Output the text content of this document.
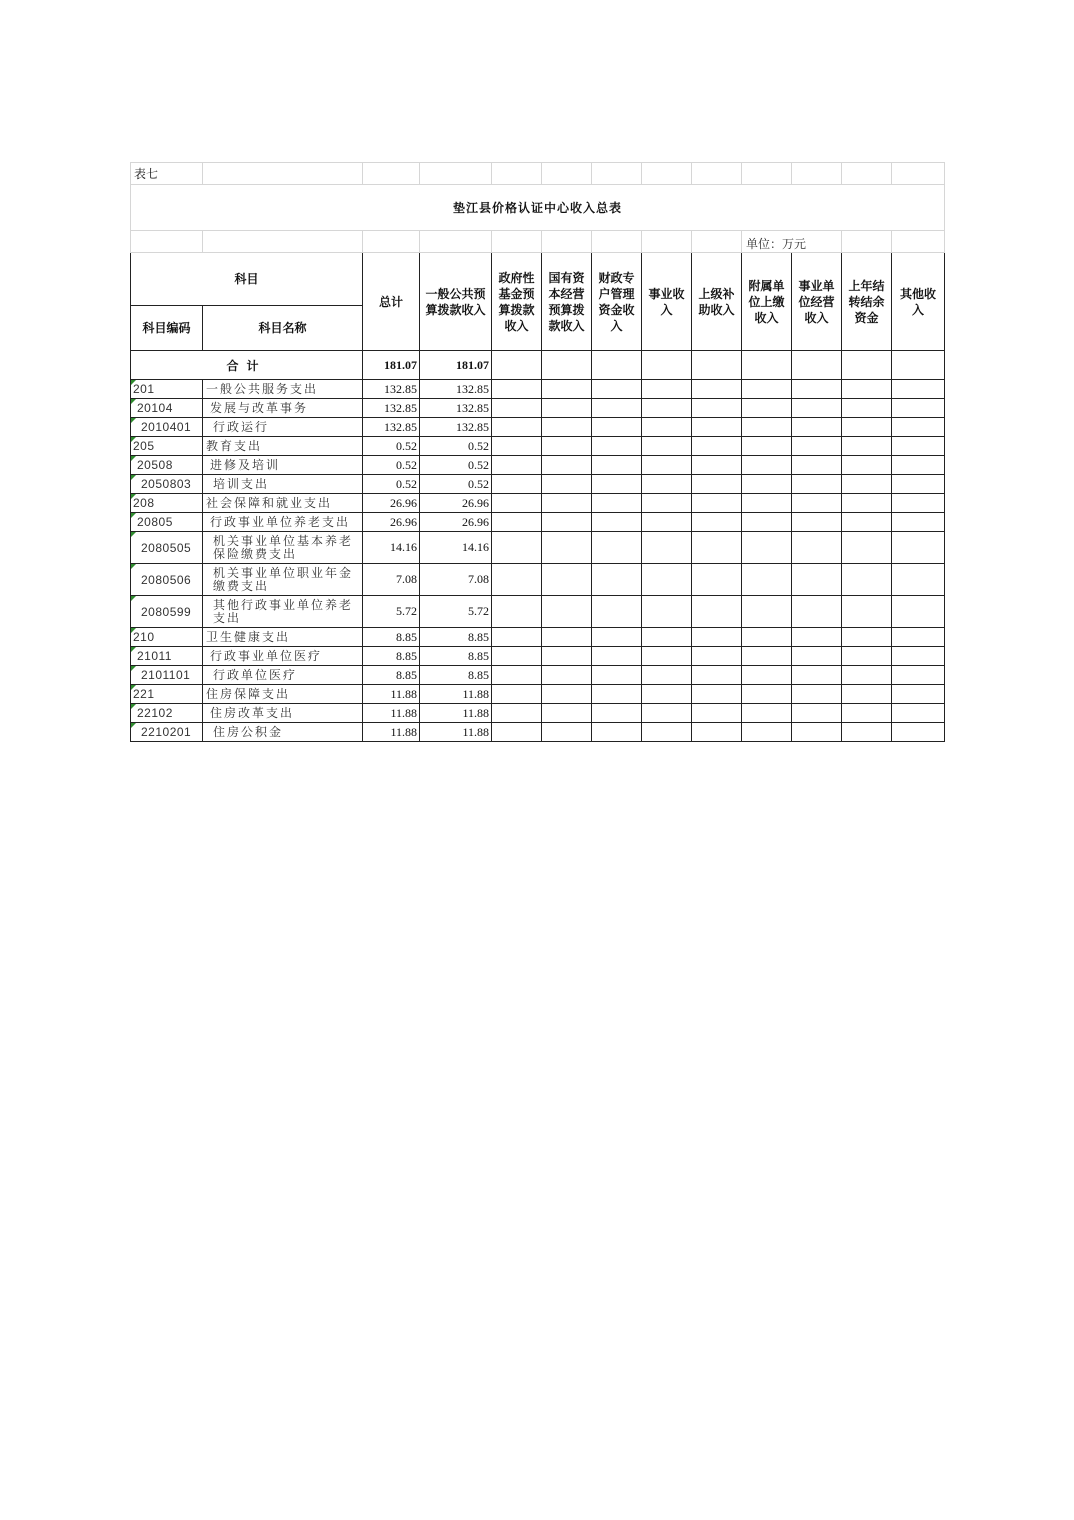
表七												
垫江县价格认证中心收入总表												
									单位：万元			
科目		总计	一般公共预算拨款收入	政府性基金预算拨款收入	国有资本经营预算拨款收入	财政专户管理资金收入	事业收入	上级补助收入	附属单位上缴收入	事业单位经营收入	上年结转结余资金	其他收入
科目编码	科目名称											
合计		181.07	181.07									
201	一般公共服务支出	132.85	132.85									
20104	发展与改革事务	132.85	132.85									
2010401	行政运行	132.85	132.85									
205	教育支出	0.52	0.52									
20508	进修及培训	0.52	0.52									
2050803	培训支出	0.52	0.52									
208	社会保障和就业支出	26.96	26.96									
20805	行政事业单位养老支出	26.96	26.96									
2080505	机关事业单位基本养老保险缴费支出	14.16	14.16									
2080506	机关事业单位职业年金缴费支出	7.08	7.08									
2080599	其他行政事业单位养老支出	5.72	5.72									
210	卫生健康支出	8.85	8.85									
21011	行政事业单位医疗	8.85	8.85									
2101101	行政单位医疗	8.85	8.85									
221	住房保障支出	11.88	11.88									
22102	住房改革支出	11.88	11.88									
2210201	住房公积金	11.88	11.88									
